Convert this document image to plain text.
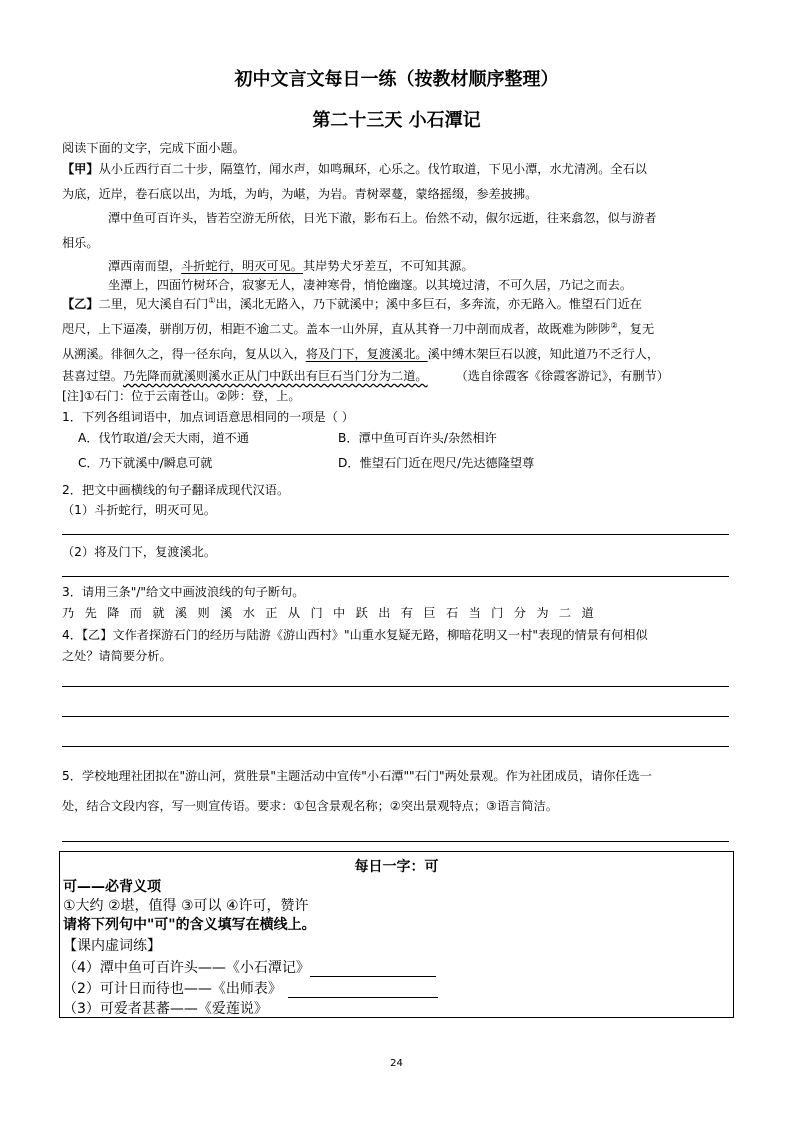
初中文言文每日一练（按教材顺序整理）
第二十三天 小石潭记
阅读下面的文字，完成下面小题。
【甲】从小丘西行百二十步，隔篁竹，闻水声，如鸣珮环，心乐之。伐竹取道，下见小潭，水尤清冽。全石以
为底，近岸，卷石底以出，为坻，为屿，为嵁，为岩。青树翠蔓，蒙络摇缀，参差披拂。
潭中鱼可百许头，皆若空游无所依，日光下澈，影布石上。佁然不动，俶尔远逝，往来翕忽，似与游者
相乐。
潭西南而望，斗折蛇行，明灭可见。其岸势犬牙差互，不可知其源。
坐潭上，四面竹树环合，寂寥无人，凄神寒骨，悄怆幽邃。以其境过清，不可久居，乃记之而去。
【乙】二里，见大溪自石门①出，溪北无路入，乃下就溪中；溪中多巨石，多奔流，亦无路入。惟望石门近在
咫尺，上下逼凑，骈削万仞，相距不逾二丈。盖本一山外屏，直从其脊一刀中剖而成者，故既难为陟陟②，复无
从溯溪。徘徊久之，得一径东向，复从以入，将及门下，复渡溪北。溪中缚木架巨石以渡，知此道乃不乏行人，
甚喜过望。乃先降而就溪则溪水正从门中跃出有巨石当门分为二道。 （选自徐霞客《徐霞客游记》，有删节）
[注]①石门：位于云南苍山。②陟：登，上。
1．下列各组词语中，加点词语意思相同的一项是（ ）
A．伐竹取道/会天大雨，道不通	B．潭中鱼可百许头/杂然相许
C．乃下就溪中/瞬息可就	D．惟望石门近在咫尺/先达德隆望尊
2．把文中画横线的句子翻译成现代汉语。
（1）斗折蛇行，明灭可见。
（2）将及门下，复渡溪北。
3．请用三条"/"给文中画波浪线的句子断句。
乃先降而就溪则溪水正从门中跃出有巨石当门分为二道
4．【乙】文作者探游石门的经历与陆游《游山西村》"山重水复疑无路，柳暗花明又一村"表现的情景有何相似
之处？请简要分析。
5．学校地理社团拟在"游山河，赏胜景"主题活动中宣传"小石潭""石门"两处景观。作为社团成员，请你任选一
处，结合文段内容，写一则宣传语。要求：①包含景观名称；②突出景观特点；③语言简洁。
每日一字：可
可——必背义项
①大约 ②堪，值得 ③可以 ④许可，赞许
请将下列句中"可"的含义填写在横线上。
【课内虚词练】
（4）潭中鱼可百许头——《小石潭记》
（2）可计日而待也——《出师表》
（3）可爱者甚蕃——《爱莲说》
24
